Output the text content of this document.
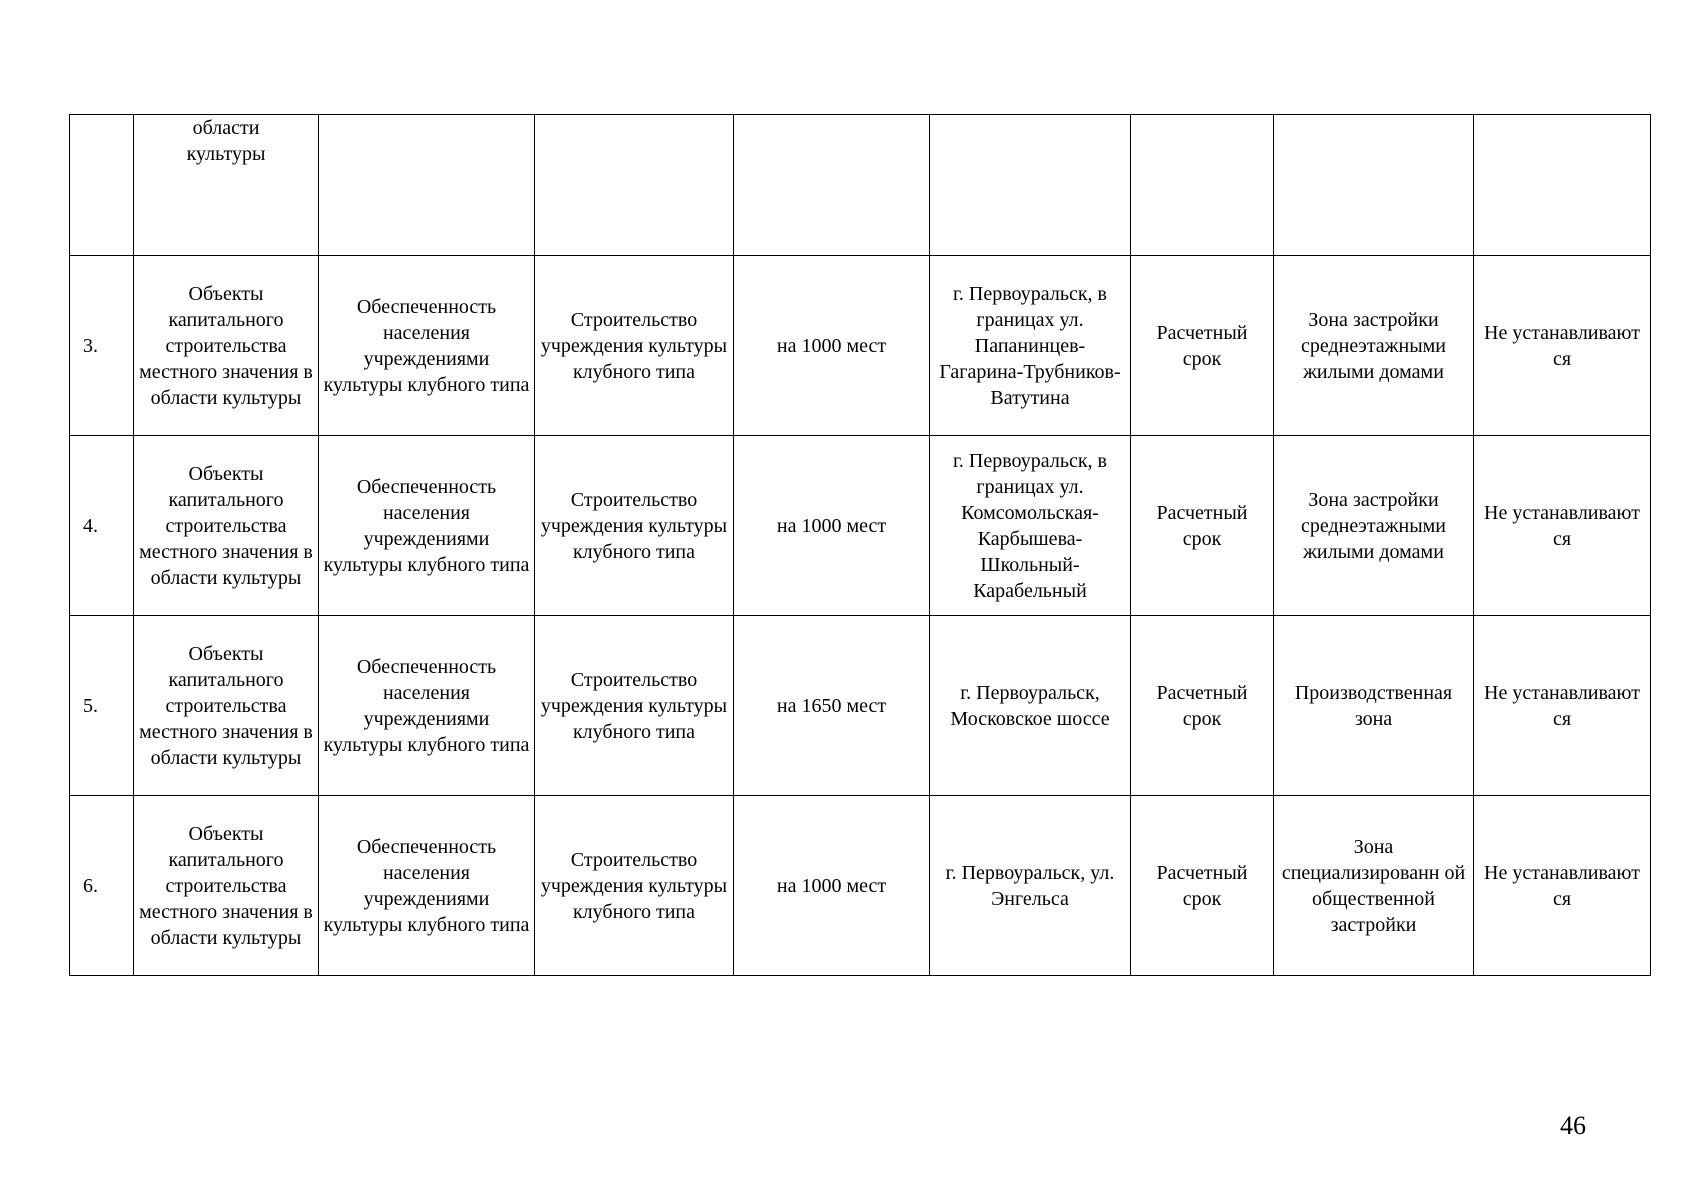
	области
культуры							

3.	Объекты капитального строительства местного значения в области культуры	Обеспеченность населения учреждениями культуры клубного типа	Строительство учреждения культуры клубного типа	на 1000 мест	г. Первоуральск, в границах ул. Папанинцев-Гагарина-Трубников-Ватутина	Расчетный срок	Зона застройки среднеэтажными жилыми домами	Не устанавливают ся
4.	Объекты капитального строительства местного значения в области культуры	Обеспеченность населения учреждениями культуры клубного типа	Строительство учреждения культуры клубного типа	на 1000 мест	г. Первоуральск, в границах ул. Комсомольская-Карбышева-Школьный-Карабельный	Расчетный срок	Зона застройки среднеэтажными жилыми домами	Не устанавливают ся
5.	Объекты капитального строительства местного значения в области культуры	Обеспеченность населения учреждениями культуры клубного типа	Строительство учреждения культуры клубного типа	на 1650 мест	г. Первоуральск, Московское шоссе	Расчетный срок	Производственная зона	Не устанавливают ся
6.	Объекты капитального строительства местного значения в области культуры	Обеспеченность населения учреждениями культуры клубного типа	Строительство учреждения культуры клубного типа	на 1000 мест	г. Первоуральск, ул. Энгельса	Расчетный срок	Зона специализированн ой общественной застройки	Не устанавливают ся
46
